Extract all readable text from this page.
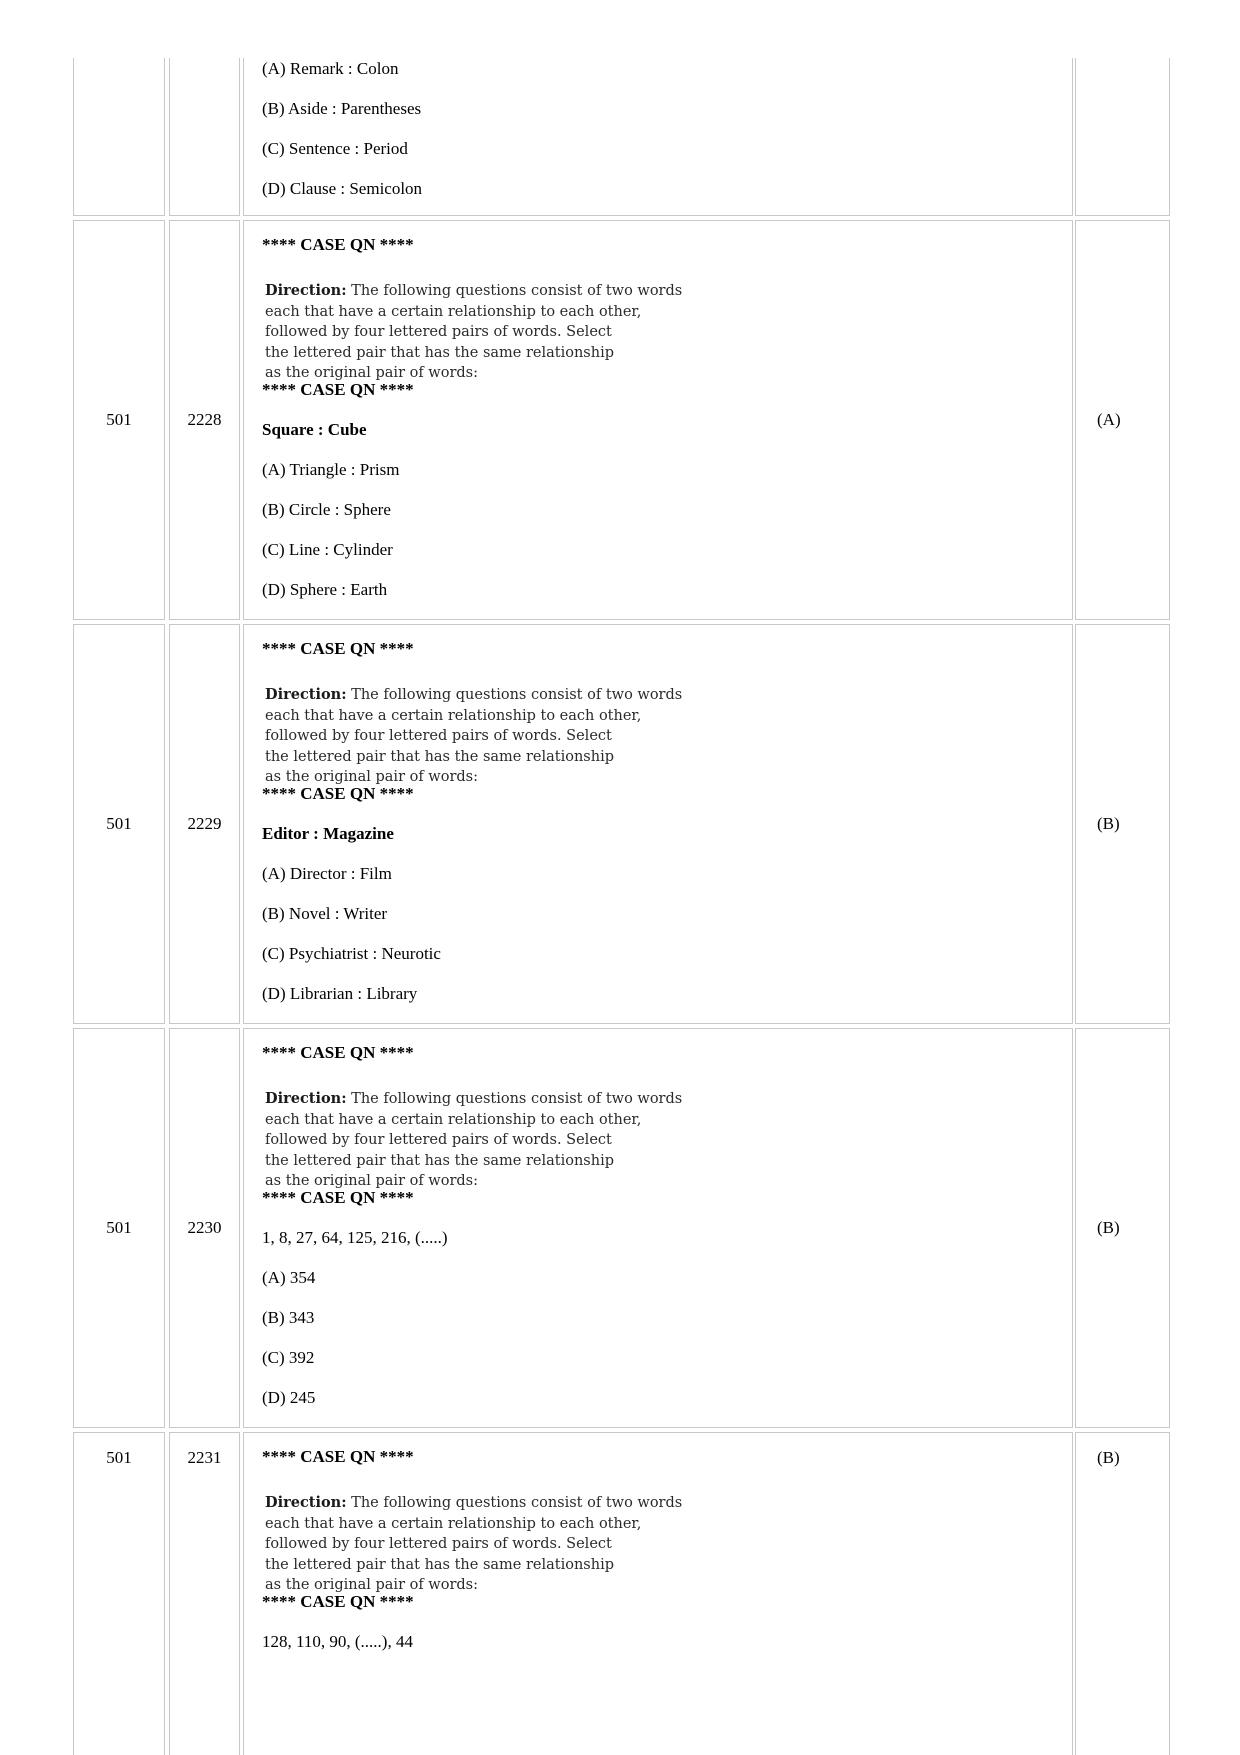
(A) Remark : Colon
(B) Aside : Parentheses
(C) Sentence : Period
(D) Clause : Semicolon
501	2228
**** CASE QN ****
Direction: The following questions consist of two words
each that have a certain relationship to each other,
followed by four lettered pairs of words. Select
the lettered pair that has the same relationship
as the original pair of words:
**** CASE QN ****
Square : Cube
(A) Triangle : Prism
(B) Circle : Sphere
(C) Line : Cylinder
(D) Sphere : Earth
(A)
501	2229
**** CASE QN ****
Direction: The following questions consist of two words
each that have a certain relationship to each other,
followed by four lettered pairs of words. Select
the lettered pair that has the same relationship
as the original pair of words:
**** CASE QN ****
Editor : Magazine
(A) Director : Film
(B) Novel : Writer
(C) Psychiatrist : Neurotic
(D) Librarian : Library
(B)
501	2230
**** CASE QN ****
Direction: The following questions consist of two words
each that have a certain relationship to each other,
followed by four lettered pairs of words. Select
the lettered pair that has the same relationship
as the original pair of words:
**** CASE QN ****
1, 8, 27, 64, 125, 216, (.....)
(A) 354
(B) 343
(C) 392
(D) 245
(B)
501	2231	**** CASE QN ****
Direction: The following questions consist of two words
each that have a certain relationship to each other,
followed by four lettered pairs of words. Select
the lettered pair that has the same relationship
as the original pair of words:
**** CASE QN ****
128, 110, 90, (.....), 44
(B)
